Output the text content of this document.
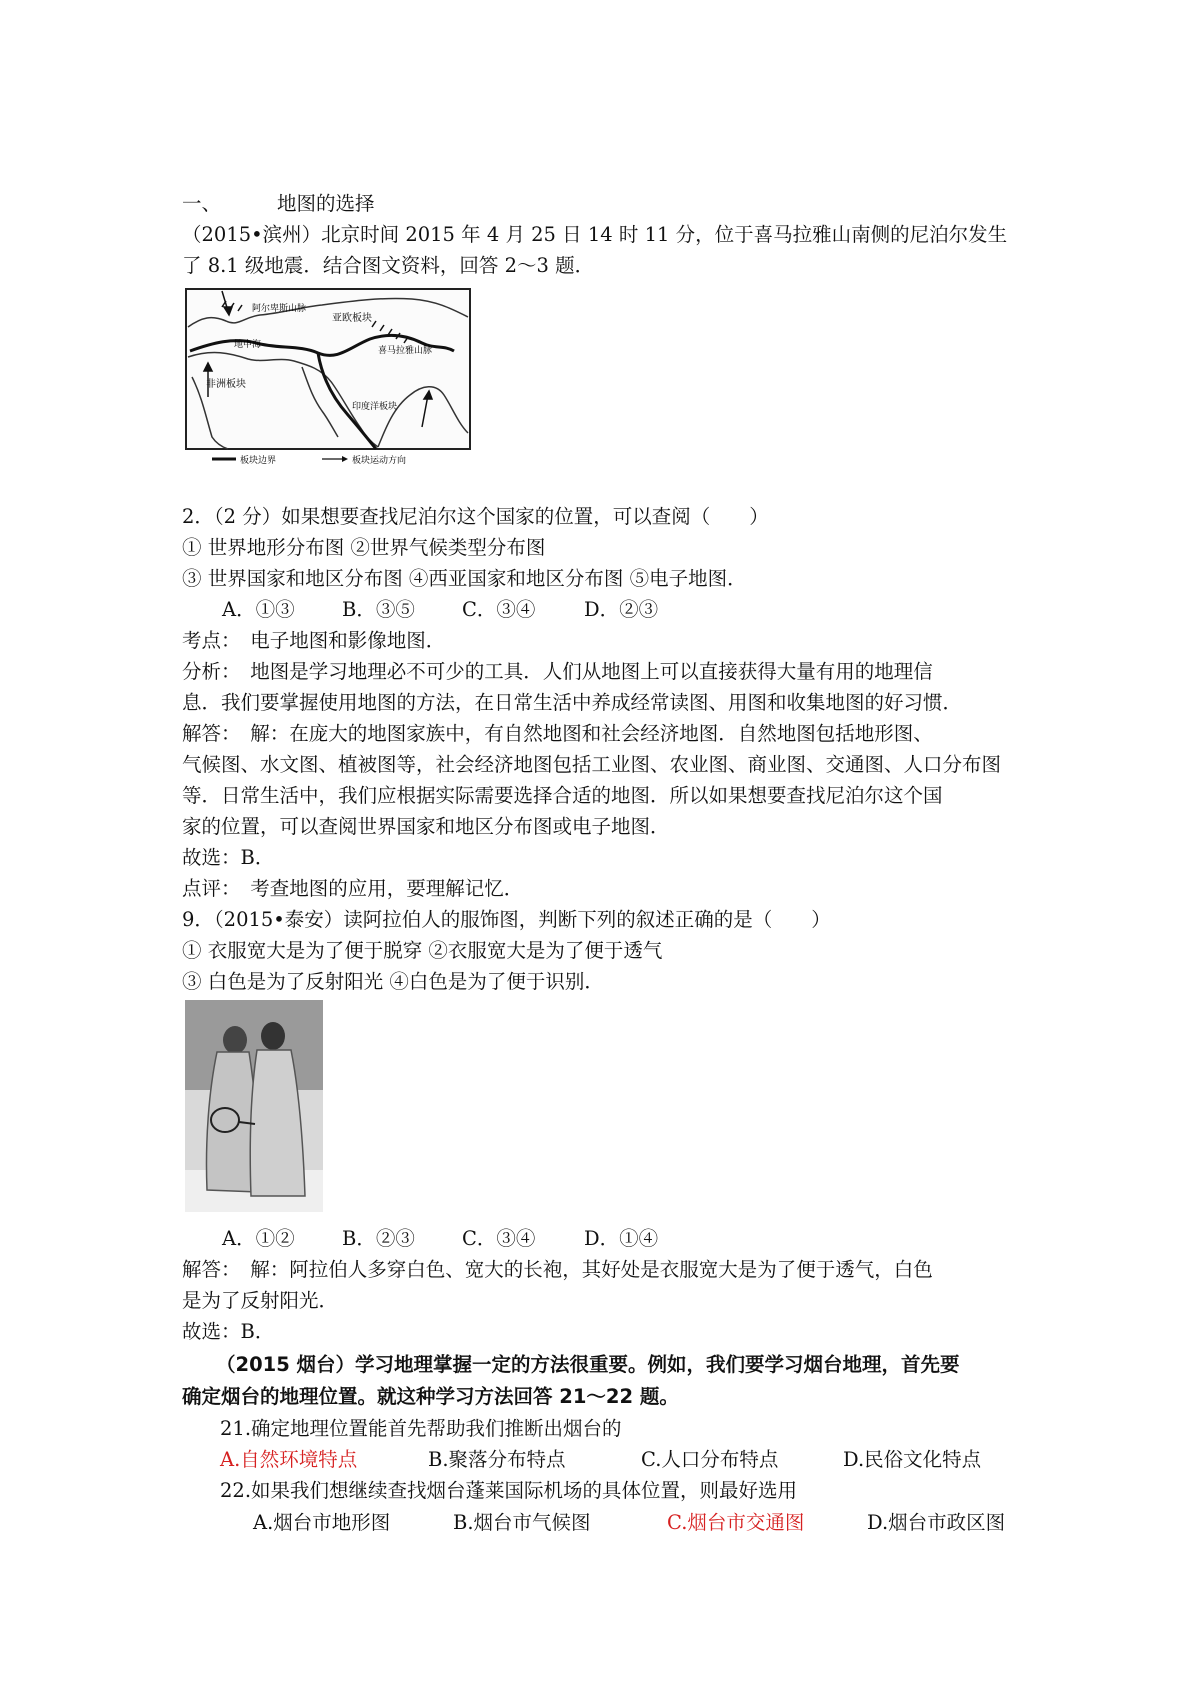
一、	地图的选择
（2015•滨州）北京时间 2015 年 4 月 25 日 14 时 11 分，位于喜马拉雅山南侧的尼泊尔发生
了 8.1 级地震．结合图文资料，回答 2～3 题．
阿尔卑斯山脉
亚欧板块
喜马拉雅山脉
地中海
非洲板块
印度洋板块
板块边界	板块运动方向
2．（2 分）如果想要查找尼泊尔这个国家的位置，可以查阅（　　）
① 世界地形分布图 ②世界气候类型分布图
③ 世界国家和地区分布图 ④西亚国家和地区分布图 ⑤电子地图．
A．①③ B．③⑤ C．③④ D．②③
考点：　电子地图和影像地图．
分析：　地图是学习地理必不可少的工具．人们从地图上可以直接获得大量有用的地理信
息．我们要掌握使用地图的方法，在日常生活中养成经常读图、用图和收集地图的好习惯．
解答：　解：在庞大的地图家族中，有自然地图和社会经济地图．自然地图包括地形图、
气候图、水文图、植被图等，社会经济地图包括工业图、农业图、商业图、交通图、人口分布图
等．日常生活中，我们应根据实际需要选择合适的地图．所以如果想要查找尼泊尔这个国
家的位置，可以查阅世界国家和地区分布图或电子地图．
故选：B．
点评：　考查地图的应用，要理解记忆．
9．（2015•泰安）读阿拉伯人的服饰图，判断下列的叙述正确的是（　　）
① 衣服宽大是为了便于脱穿 ②衣服宽大是为了便于透气
③ 白色是为了反射阳光 ④白色是为了便于识别．
A．①② B．②③ C．③④ D．①④
解答：　解：阿拉伯人多穿白色、宽大的长袍，其好处是衣服宽大是为了便于透气，白色
是为了反射阳光．
故选：B．
（2015 烟台）学习地理掌握一定的方法很重要。例如，我们要学习烟台地理，首先要
确定烟台的地理位置。就这种学习方法回答 21～22 题。
21.确定地理位置能首先帮助我们推断出烟台的
A.自然环境特点	B.聚落分布特点	C.人口分布特点	D.民俗文化特点
22.如果我们想继续查找烟台蓬莱国际机场的具体位置，则最好选用
A.烟台市地形图	B.烟台市气候图	C.烟台市交通图	D.烟台市政区图
